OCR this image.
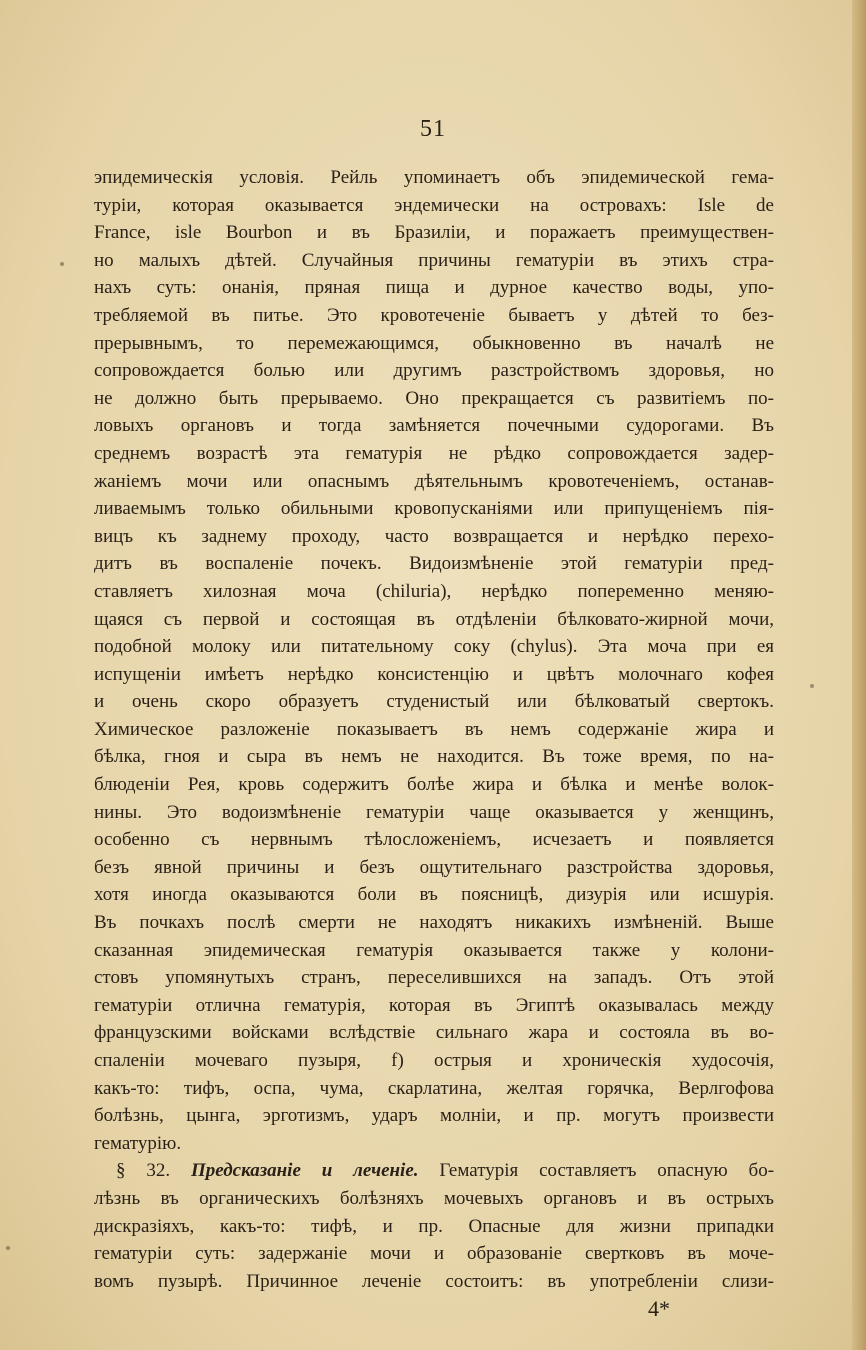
51
эпидемическія условія. Рейль упоминаетъ объ эпидемической гема-
туріи, которая оказывается эндемически на островахъ: Isle de
France, isle Bourbon и въ Бразиліи, и поражаетъ преимуществен-
но малыхъ дѣтей. Случайныя причины гематуріи въ этихъ стра-
нахъ суть: онанія, пряная пища и дурное качество воды, упо-
требляемой въ питье. Это кровотеченіе бываетъ у дѣтей то без-
прерывнымъ, то перемежающимся, обыкновенно въ началѣ не
сопровождается болью или другимъ разстройствомъ здоровья, но
не должно быть прерываемо. Оно прекращается съ развитіемъ по-
ловыхъ органовъ и тогда замѣняется почечными судорогами. Въ
среднемъ возрастѣ эта гематурія не рѣдко сопровождается задер-
жаніемъ мочи или опаснымъ дѣятельнымъ кровотеченіемъ, останав-
ливаемымъ только обильными кровопусканіями или припущеніемъ пія-
вицъ къ заднему проходу, часто возвращается и нерѣдко перехо-
дитъ въ воспаленіе почекъ. Видоизмѣненіе этой гематуріи пред-
ставляетъ хилозная моча (chiluria), нерѣдко попеременно меняю-
щаяся съ первой и состоящая въ отдѣленіи бѣлковато-жирной мочи,
подобной молоку или питательному соку (chylus). Эта моча при ея
испущеніи имѣетъ нерѣдко консистенцію и цвѣтъ молочнаго кофея
и очень скоро образуетъ студенистый или бѣлковатый свертокъ.
Химическое разложеніе показываетъ въ немъ содержаніе жира и
бѣлка, гноя и сыра въ немъ не находится. Въ тоже время, по на-
блюденіи Рея, кровь содержитъ болѣе жира и бѣлка и менѣе волок-
нины. Это водоизмѣненіе гематуріи чаще оказывается у женщинъ,
особенно съ нервнымъ тѣлосложеніемъ, исчезаетъ и появляется
безъ явной причины и безъ ощутительнаго разстройства здоровья,
хотя иногда оказываются боли въ поясницѣ, дизурія или исшурія.
Въ почкахъ послѣ смерти не находятъ никакихъ измѣненій. Выше
сказанная эпидемическая гематурія оказывается также у колони-
стовъ упомянутыхъ странъ, переселившихся на западъ. Отъ этой
гематуріи отлична гематурія, которая въ Эгиптѣ оказывалась между
французскими войсками вслѣдствіе сильнаго жара и состояла въ во-
спаленіи мочеваго пузыря, f) острыя и хроническія худосочія,
какъ-то: тифъ, оспа, чума, скарлатина, желтая горячка, Верлгофова
болѣзнь, цынга, эрготизмъ, ударъ молніи, и пр. могутъ произвести
гематурію.
§ 32. Предсказаніе и леченіе. Гематурія составляетъ опасную бо-
лѣзнь въ органическихъ болѣзняхъ мочевыхъ органовъ и въ острыхъ
дискразіяхъ, какъ-то: тифѣ, и пр. Опасные для жизни припадки
гематуріи суть: задержаніе мочи и образованіе свертковъ въ моче-
вомъ пузырѣ. Причинное леченіе состоитъ: въ употребленіи слизи-
4*
